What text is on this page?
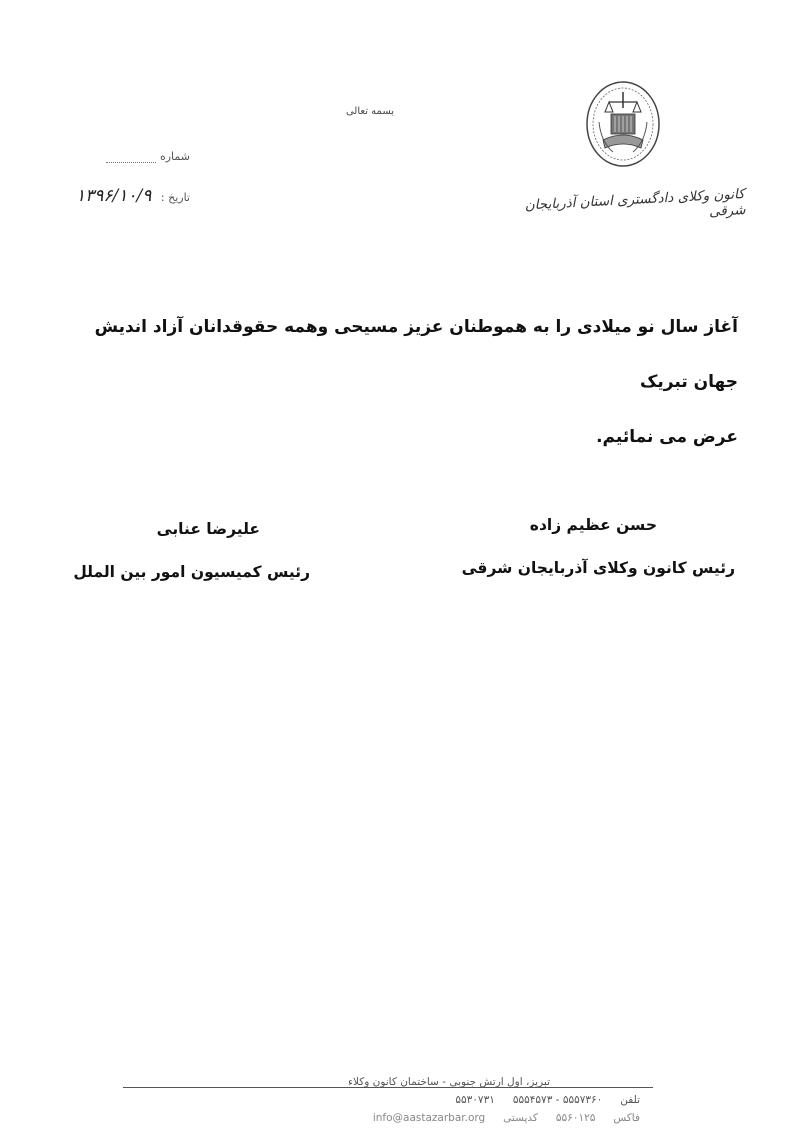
بسمه تعالی
کانون وکلای دادگستری استان آذربایجان شرقی
شماره
تاریخ : ۱۳۹۶/۱۰/۹
آغاز سال نو میلادی را به هموطنان عزیز مسیحی وهمه حقوقدانان آزاد اندیش جهان تبریک
عرض می نمائیم.
حسن عظیم زاده
رئیس کانون وکلای آذربایجان شرقی
علیرضا عنابی
رئیس کمیسیون امور بین الملل
تبریز، اول ارتش جنوبی - ساختمان کانون وکلاء
تلفن۵۵۵۷۳۶۰ - ۵۵۳۰۷۳۱۵۵۵۴۵۷۳
فاکس۵۵۶۰۱۲۵کدپستیinfo@aastazarbar.org
